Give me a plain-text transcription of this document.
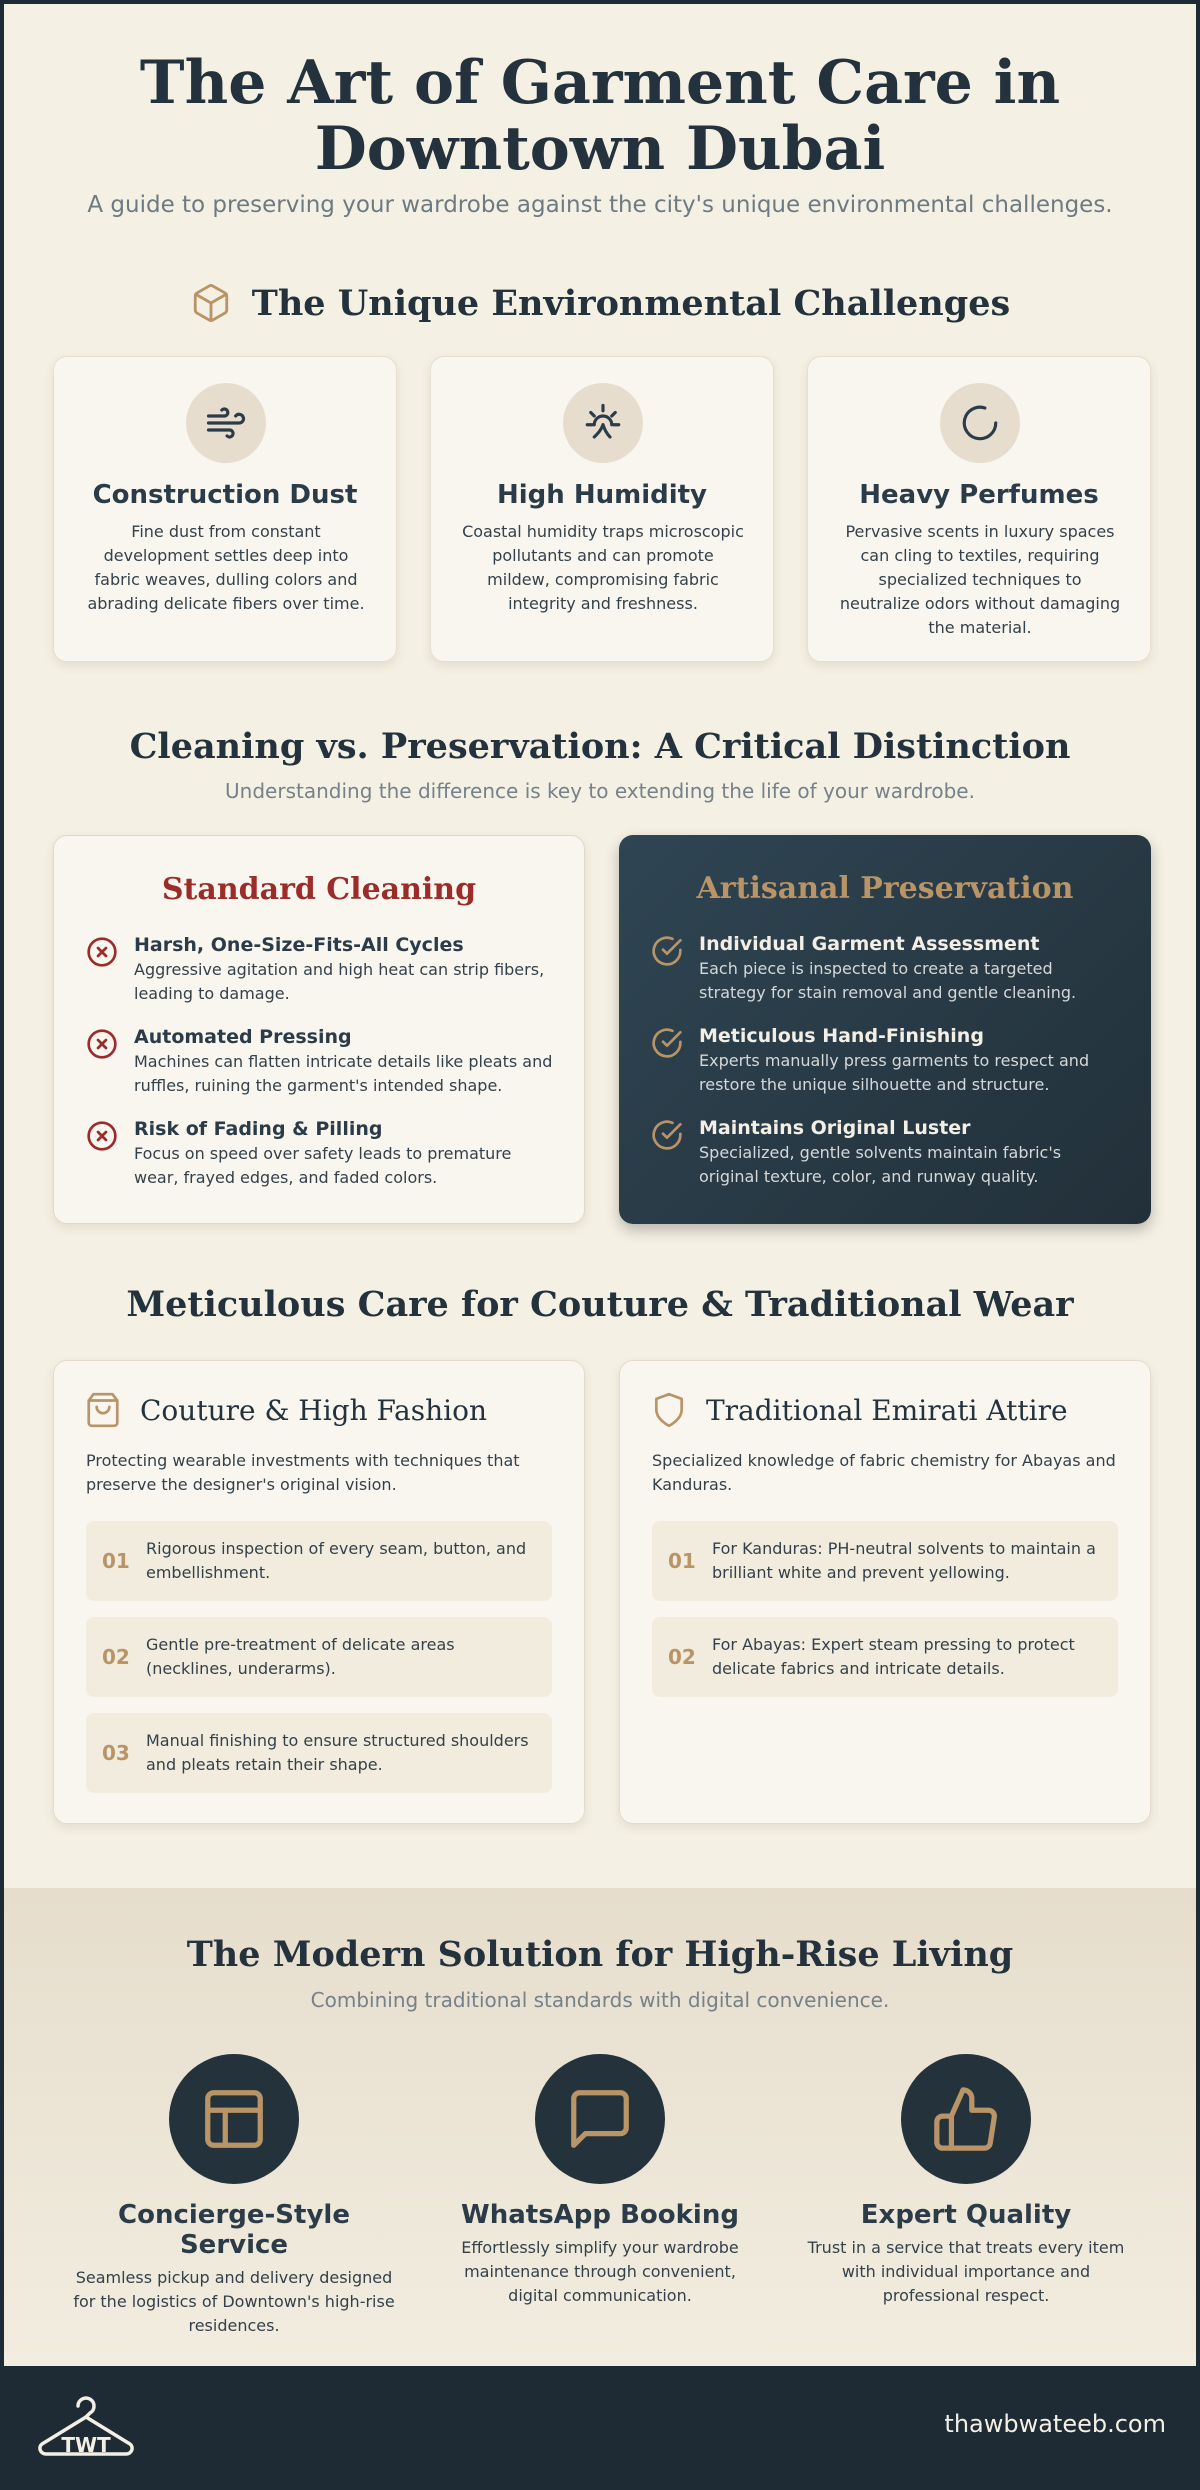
The Art of Garment Care in
Downtown Dubai

A guide to preserving your wardrobe against the city's unique environmental challenges.

The Unique Environmental Challenges
Construction Dust

Fine dust from constant development settles deep into fabric weaves, dulling colors and abrading delicate fibers over time.

High Humidity

Coastal humidity traps microscopic pollutants and can promote mildew, compromising fabric integrity and freshness.

Heavy Perfumes

Pervasive scents in luxury spaces can cling to textiles, requiring specialized techniques to neutralize odors without damaging the material.

Cleaning vs. Preservation: A Critical Distinction

Understanding the difference is key to extending the life of your wardrobe.

Standard Cleaning
Harsh, One-Size-Fits-All Cycles
Aggressive agitation and high heat can strip fibers, leading to damage.
Automated Pressing
Machines can flatten intricate details like pleats and ruffles, ruining the garment's intended shape.
Risk of Fading & Pilling
Focus on speed over safety leads to premature wear, frayed edges, and faded colors.
Artisanal Preservation
Individual Garment Assessment
Each piece is inspected to create a targeted strategy for stain removal and gentle cleaning.
Meticulous Hand-Finishing
Experts manually press garments to respect and restore the unique silhouette and structure.
Maintains Original Luster
Specialized, gentle solvents maintain fabric's original texture, color, and runway quality.
Meticulous Care for Couture & Traditional Wear
Couture & High Fashion

Protecting wearable investments with techniques that preserve the designer's original vision.

01
Rigorous inspection of every seam, button, and embellishment.
02
Gentle pre-treatment of delicate areas (necklines, underarms).
03
Manual finishing to ensure structured shoulders and pleats retain their shape.
Traditional Emirati Attire

Specialized knowledge of fabric chemistry for Abayas and Kanduras.

01
For Kanduras: PH-neutral solvents to maintain a brilliant white and prevent yellowing.
02
For Abayas: Expert steam pressing to protect delicate fabrics and intricate details.
The Modern Solution for High-Rise Living

Combining traditional standards with digital convenience.

Concierge-Style Service

Seamless pickup and delivery designed for the logistics of Downtown's high-rise residences.

WhatsApp Booking

Effortlessly simplify your wardrobe maintenance through convenient, digital communication.

Expert Quality

Trust in a service that treats every item with individual importance and professional respect.

TWT
thawbwateeb.com
